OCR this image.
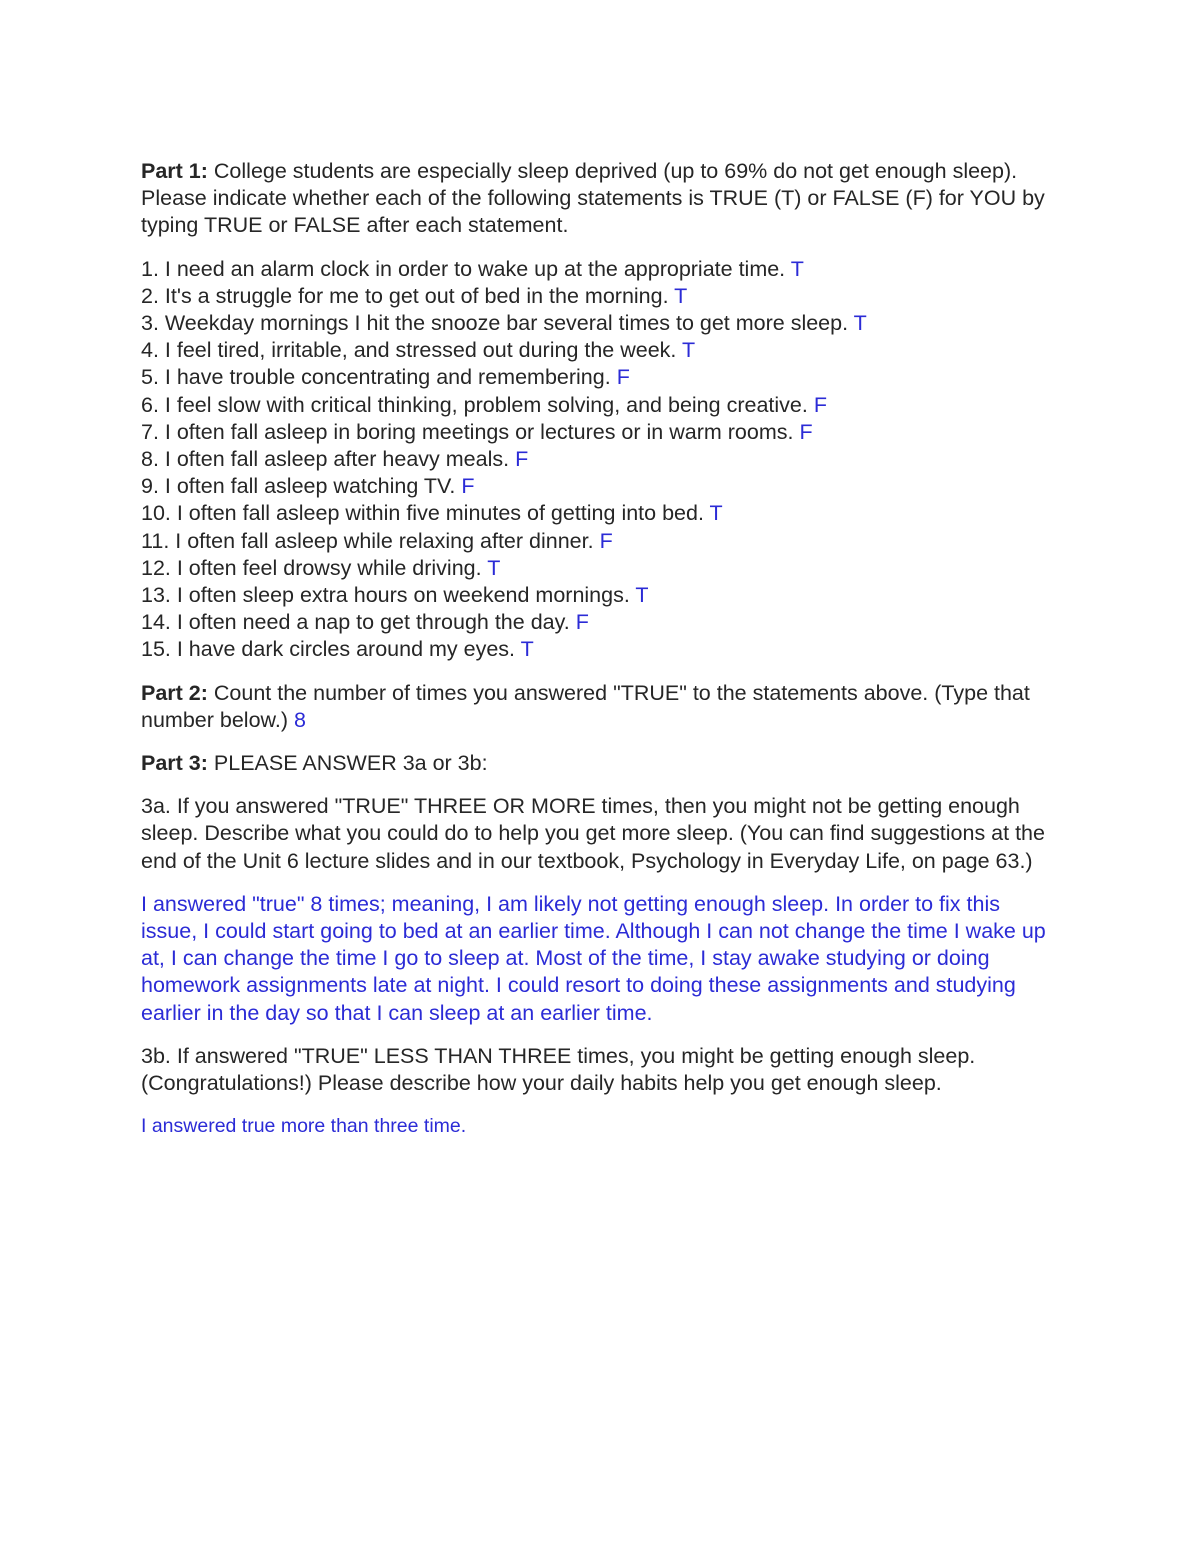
Part 1: College students are especially sleep deprived (up to 69% do not get enough sleep). Please indicate whether each of the following statements is TRUE (T) or FALSE (F) for YOU by typing TRUE or FALSE after each statement.

1. I need an alarm clock in order to wake up at the appropriate time. T
2. It's a struggle for me to get out of bed in the morning. T
3. Weekday mornings I hit the snooze bar several times to get more sleep. T
4. I feel tired, irritable, and stressed out during the week. T
5. I have trouble concentrating and remembering. F
6. I feel slow with critical thinking, problem solving, and being creative. F
7. I often fall asleep in boring meetings or lectures or in warm rooms. F
8. I often fall asleep after heavy meals. F
9. I often fall asleep watching TV. F
10. I often fall asleep within five minutes of getting into bed. T
11. I often fall asleep while relaxing after dinner. F
12. I often feel drowsy while driving. T
13. I often sleep extra hours on weekend mornings. T
14. I often need a nap to get through the day. F
15. I have dark circles around my eyes. T

Part 2: Count the number of times you answered "TRUE" to the statements above. (Type that number below.) 8

Part 3: PLEASE ANSWER 3a or 3b:

3a. If you answered "TRUE" THREE OR MORE times, then you might not be getting enough sleep. Describe what you could do to help you get more sleep. (You can find suggestions at the end of the Unit 6 lecture slides and in our textbook, Psychology in Everyday Life, on page 63.)

I answered "true" 8 times; meaning, I am likely not getting enough sleep. In order to fix this issue, I could start going to bed at an earlier time. Although I can not change the time I wake up at, I can change the time I go to sleep at. Most of the time, I stay awake studying or doing homework assignments late at night. I could resort to doing these assignments and studying earlier in the day so that I can sleep at an earlier time.

3b. If answered "TRUE" LESS THAN THREE times, you might be getting enough sleep. (Congratulations!) Please describe how your daily habits help you get enough sleep.

I answered true more than three time.
